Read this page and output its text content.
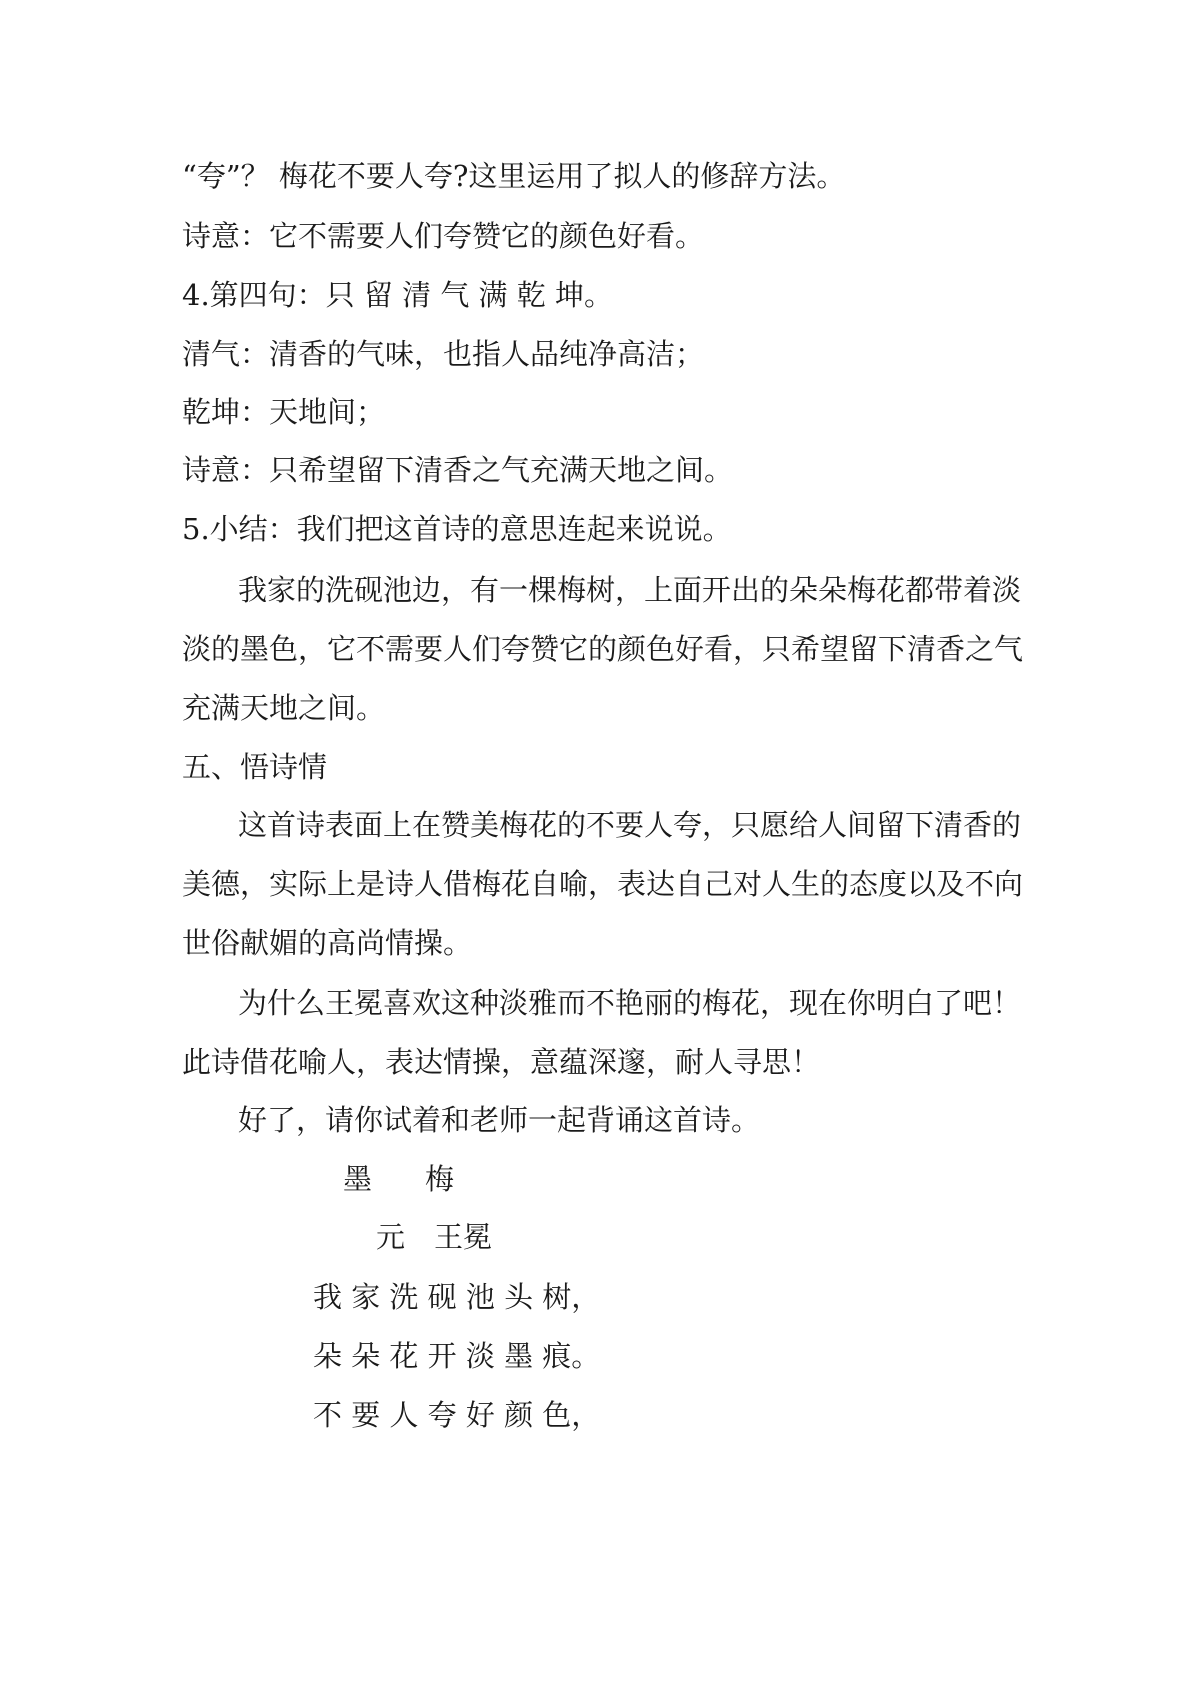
“夸”？ 梅花不要人夸?这里运用了拟人的修辞方法。
诗意：它不需要人们夸赞它的颜色好看。
4.第四句：只 留 清 气 满 乾 坤。
清气：清香的气味，也指人品纯净高洁；
乾坤：天地间；
诗意：只希望留下清香之气充满天地之间。
5.小结：我们把这首诗的意思连起来说说。
我家的洗砚池边，有一棵梅树，上面开出的朵朵梅花都带着淡
淡的墨色，它不需要人们夸赞它的颜色好看，只希望留下清香之气
充满天地之间。
五、悟诗情
这首诗表面上在赞美梅花的不要人夸，只愿给人间留下清香的
美德，实际上是诗人借梅花自喻，表达自己对人生的态度以及不向
世俗献媚的高尚情操。
为什么王冕喜欢这种淡雅而不艳丽的梅花，现在你明白了吧！
此诗借花喻人，表达情操，意蕴深邃，耐人寻思！
好了，请你试着和老师一起背诵这首诗。
墨　梅
元　王冕
我 家 洗 砚 池 头 树，
朵 朵 花 开 淡 墨 痕。
不 要 人 夸 好 颜 色，
